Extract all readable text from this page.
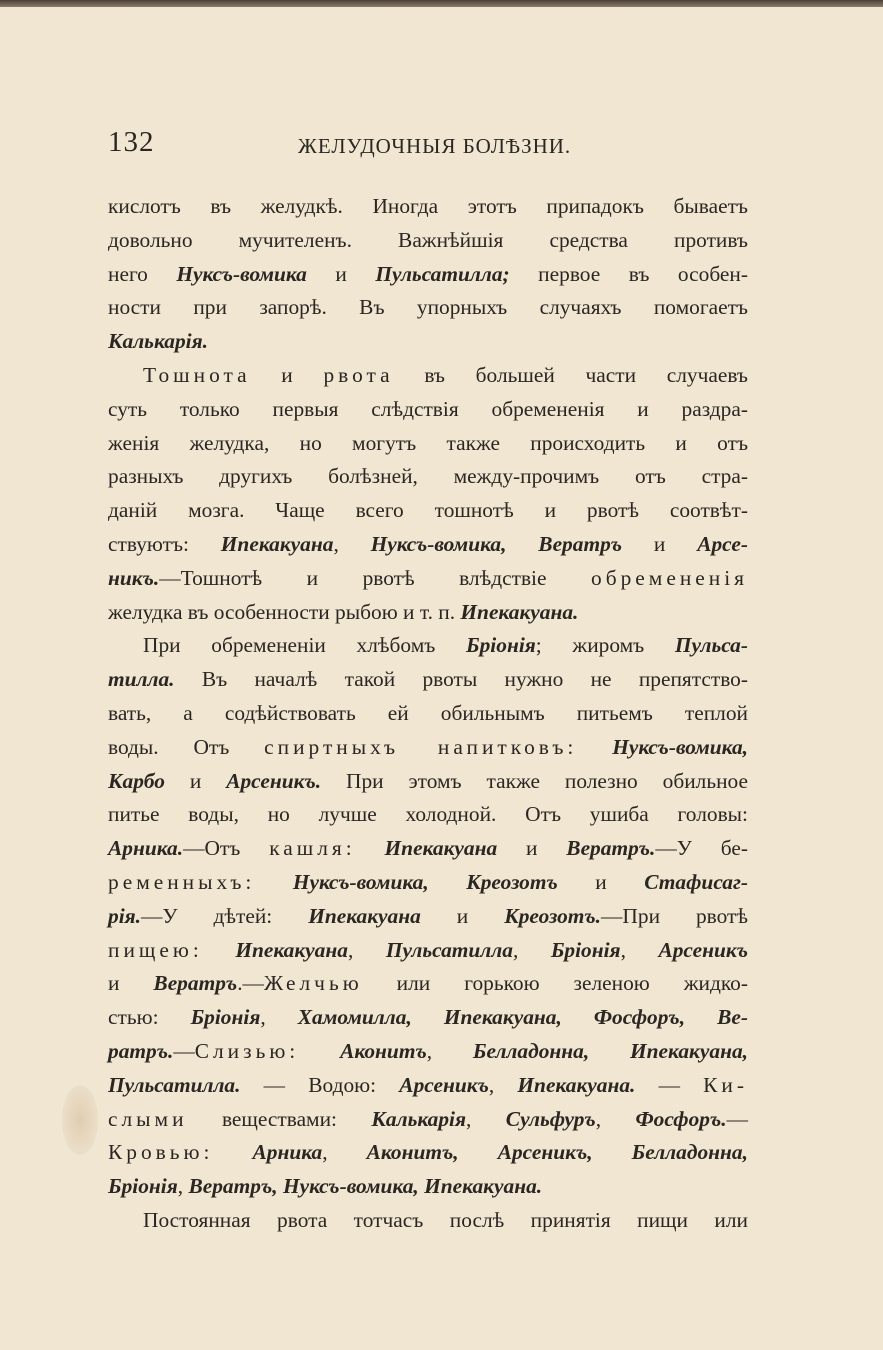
132	ЖЕЛУДОЧНЫЯ БОЛѢЗНИ.
кислотъ въ желудкѣ. Иногда этотъ припадокъ бываетъ
довольно мучителенъ. Важнѣйшія средства противъ
него Нуксъ-вомика и Пульсатилла; первое въ особен-
ности при запорѣ. Въ упорныхъ случаяхъ помогаетъ
Калькарія.
Тошнота и рвота въ большей части случаевъ
суть только первыя слѣдствія обремененія и раздра-
женія желудка, но могутъ также происходить и отъ
разныхъ другихъ болѣзней, между-прочимъ отъ стра-
даній мозга. Чаще всего тошнотѣ и рвотѣ соотвѣт-
ствуютъ: Ипекакуана, Нуксъ-вомика, Вератръ и Арсе-
никъ.—Тошнотѣ и рвотѣ влѣдствіе обремененія
желудка въ особенности рыбою и т. п. Ипекакуана.
При обремененіи хлѣбомъ Бріонія; жиромъ Пульса-
тилла. Въ началѣ такой рвоты нужно не препятство-
вать, а содѣйствовать ей обильнымъ питьемъ теплой
воды. Отъ спиртныхъ напитковъ: Нуксъ-вомика,
Карбо и Арсеникъ. При этомъ также полезно обильное
питье воды, но лучше холодной. Отъ ушиба головы:
Арника.—Отъ кашля: Ипекакуана и Вератръ.—У бе-
ременныхъ: Нуксъ-вомика, Креозотъ и Стафисаг-
рія.—У дѣтей: Ипекакуана и Креозотъ.—При рвотѣ
пищею: Ипекакуана, Пульсатилла, Бріонія, Арсеникъ
и Вератръ.—Желчью или горькою зеленою жидко-
стью: Бріонія, Хамомилла, Ипекакуана, Фосфоръ, Ве-
ратръ.—Слизью: Аконитъ, Белладонна, Ипекакуана,
Пульсатилла. — Водою: Арсеникъ, Ипекакуана. — Ки-
слыми веществами: Калькарія, Сульфуръ, Фосфоръ.—
Кровью: Арника, Аконитъ, Арсеникъ, Белладонна,
Бріонія, Вератръ, Нуксъ-вомика, Ипекакуана.
Постоянная рвота тотчасъ послѣ принятія пищи или
